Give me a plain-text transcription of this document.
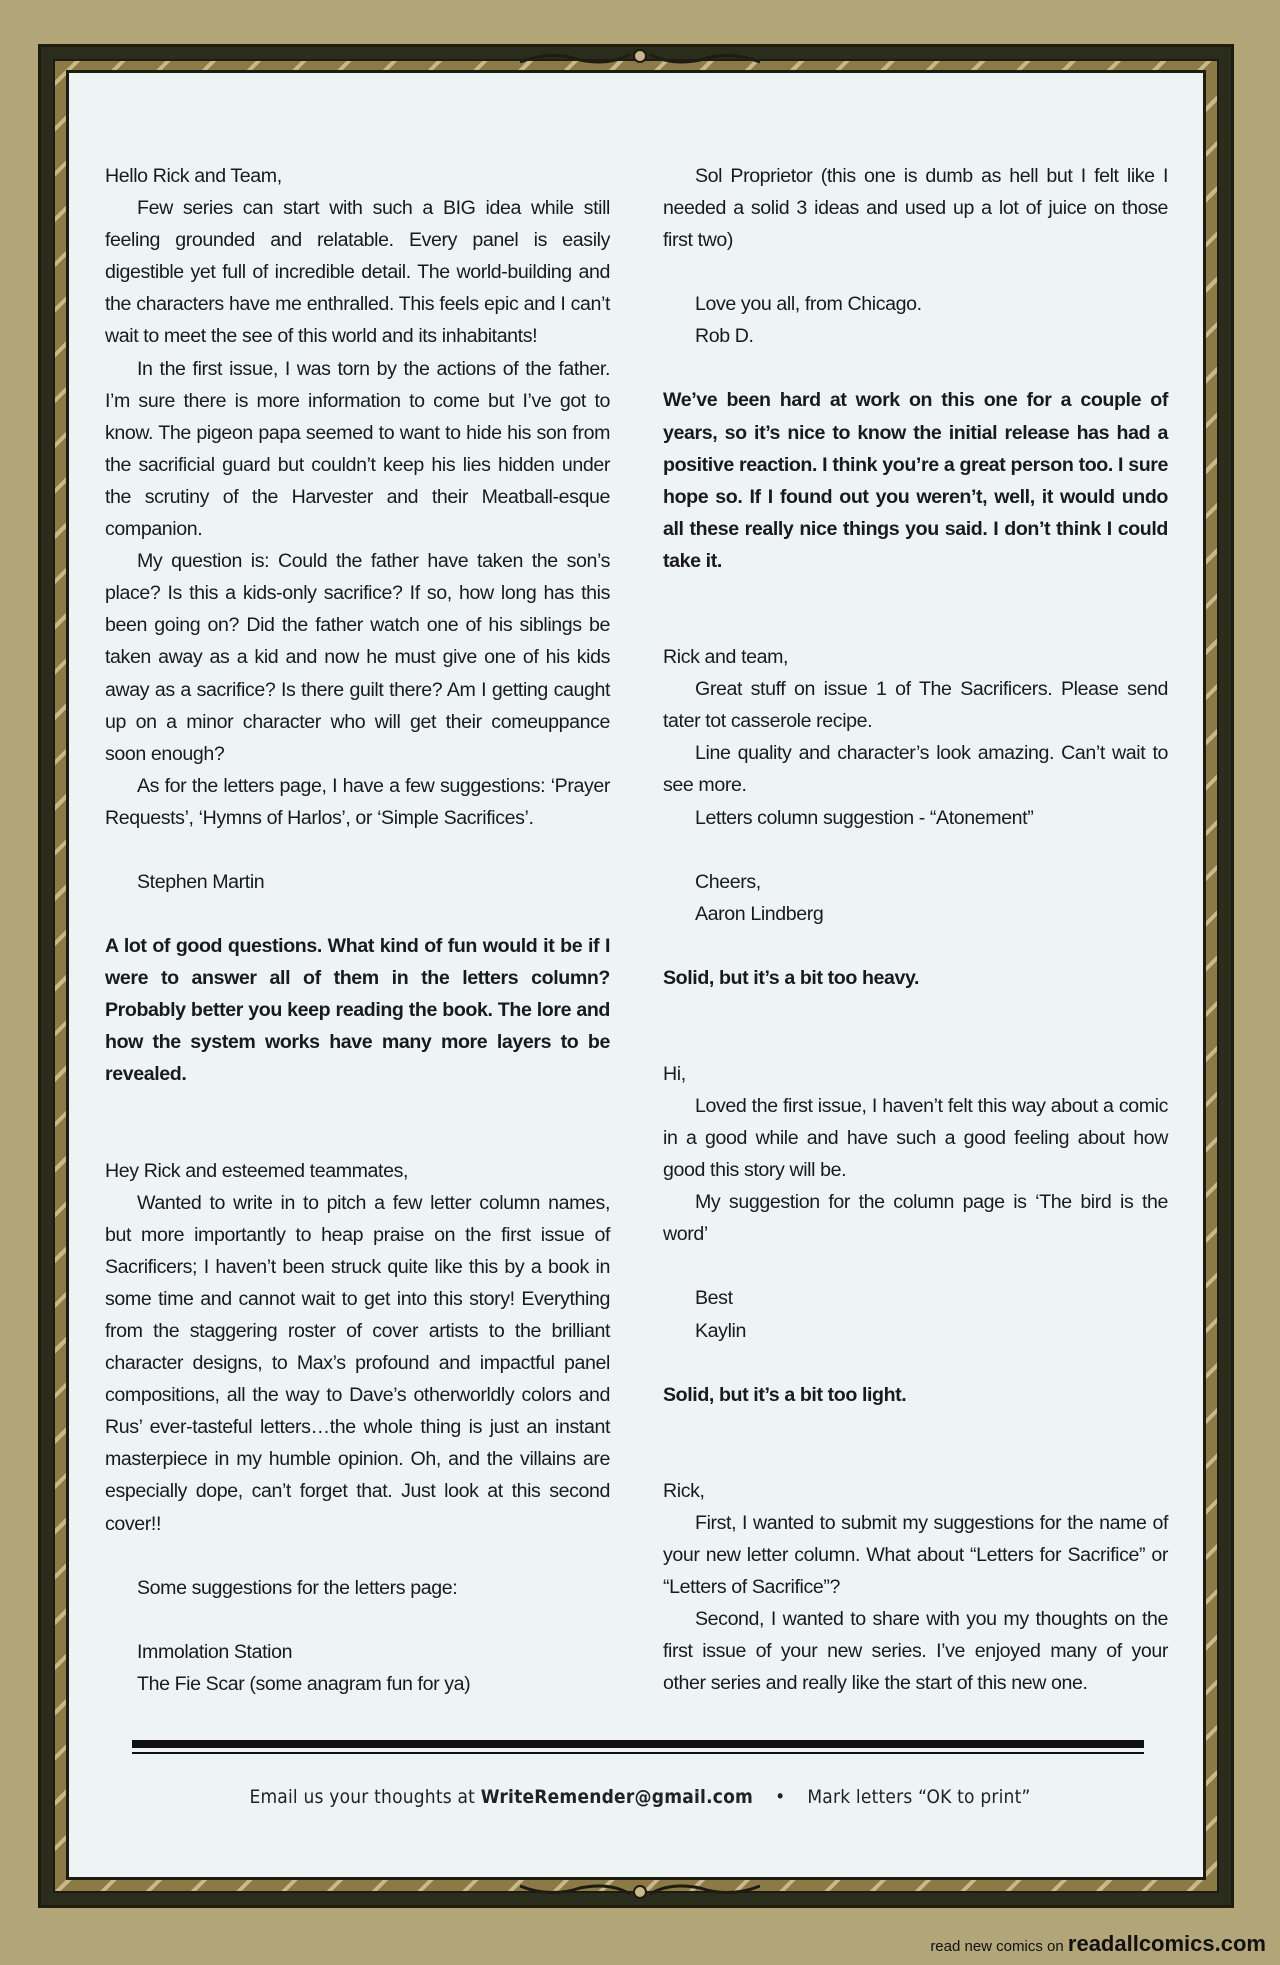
Hello Rick and Team,

Few series can start with such a BIG idea while still feeling grounded and relatable. Every panel is easily digestible yet full of incredible detail. The world-building and the characters have me enthralled. This feels epic and I can’t wait to meet the see of this world and its inhabitants!

In the first issue, I was torn by the actions of the father. I’m sure there is more information to come but I’ve got to know. The pigeon papa seemed to want to hide his son from the sacrificial guard but couldn’t keep his lies hidden under the scrutiny of the Harvester and their Meatball-esque companion.

My question is: Could the father have taken the son’s place? Is this a kids-only sacrifice? If so, how long has this been going on? Did the father watch one of his siblings be taken away as a kid and now he must give one of his kids away as a sacrifice? Is there guilt there? Am I getting caught up on a minor character who will get their comeuppance soon enough?

As for the letters page, I have a few suggestions: ‘Prayer Requests’, ‘Hymns of Harlos’, or ‘Simple Sacrifices’.

Stephen Martin

A lot of good questions. What kind of fun would it be if I were to answer all of them in the letters column? Probably better you keep reading the book. The lore and how the system works have many more layers to be revealed.

Hey Rick and esteemed teammates,

Wanted to write in to pitch a few letter column names, but more importantly to heap praise on the first issue of Sacrificers; I haven’t been struck quite like this by a book in some time and cannot wait to get into this story! Everything from the staggering roster of cover artists to the brilliant character designs, to Max’s profound and impactful panel compositions, all the way to Dave’s otherworldly colors and Rus’ ever-tasteful letters…the whole thing is just an instant masterpiece in my humble opinion. Oh, and the villains are especially dope, can’t forget that. Just look at this second cover!!

Some suggestions for the letters page:

Immolation Station

The Fie Scar (some anagram fun for ya)

Sol Proprietor (this one is dumb as hell but I felt like I needed a solid 3 ideas and used up a lot of juice on those first two)

Love you all, from Chicago.

Rob D.

We’ve been hard at work on this one for a couple of years, so it’s nice to know the initial release has had a positive reaction. I think you’re a great person too. I sure hope so. If I found out you weren’t, well, it would undo all these really nice things you said. I don’t think I could take it.

Rick and team,

Great stuff on issue 1 of The Sacrificers. Please send tater tot casserole recipe.

Line quality and character’s look amazing. Can’t wait to see more.

Letters column suggestion - “Atonement”

Cheers,

Aaron Lindberg

Solid, but it’s a bit too heavy.

Hi,

Loved the first issue, I haven’t felt this way about a comic in a good while and have such a good feeling about how good this story will be.

My suggestion for the column page is ‘The bird is the word’

Best

Kaylin

Solid, but it’s a bit too light.

Rick,

First, I wanted to submit my suggestions for the name of your new letter column. What about “Letters for Sacrifice” or “Letters of Sacrifice”?

Second, I wanted to share with you my thoughts on the first issue of your new series. I’ve enjoyed many of your other series and really like the start of this new one.

Email us your thoughts at WriteRemender@gmail.com • Mark letters “OK to print”
read new comics on readallcomics.com
